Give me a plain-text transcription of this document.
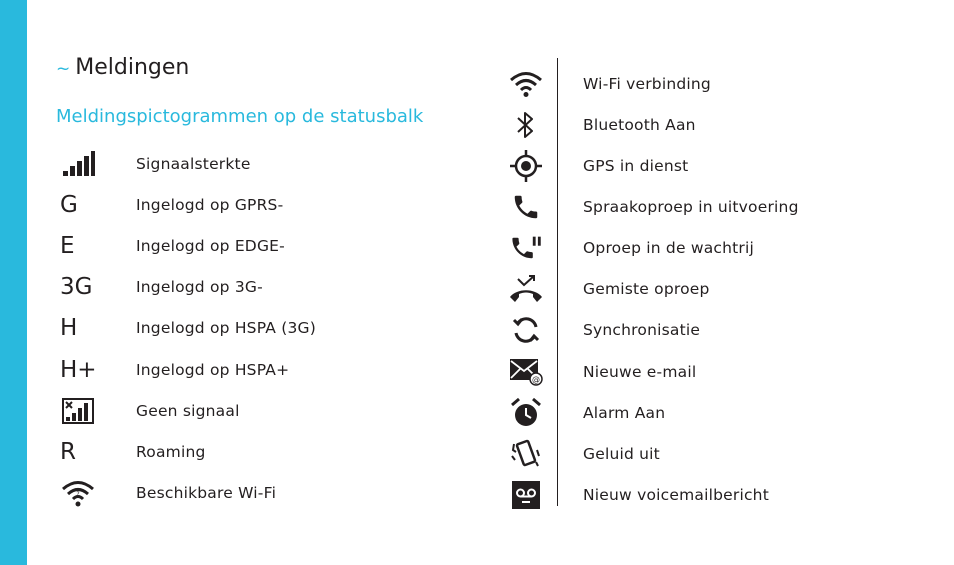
~ Meldingen
Meldingspictogrammen op de statusbalk
Signaalsterkte
G	Ingelogd op GPRS-
E	Ingelogd op EDGE-
3G	Ingelogd op 3G-
H	Ingelogd op HSPA (3G)
H+	Ingelogd op HSPA+
Geen signaal
R	Roaming
?	Beschikbare Wi-Fi
Wi-Fi verbinding
Bluetooth Aan
GPS in dienst
Spraakoproep in uitvoering
Oproep in de wachtrij
Gemiste oproep
Synchronisatie
@	Nieuwe e-mail
Alarm Aan
Geluid uit
Nieuw voicemailbericht
